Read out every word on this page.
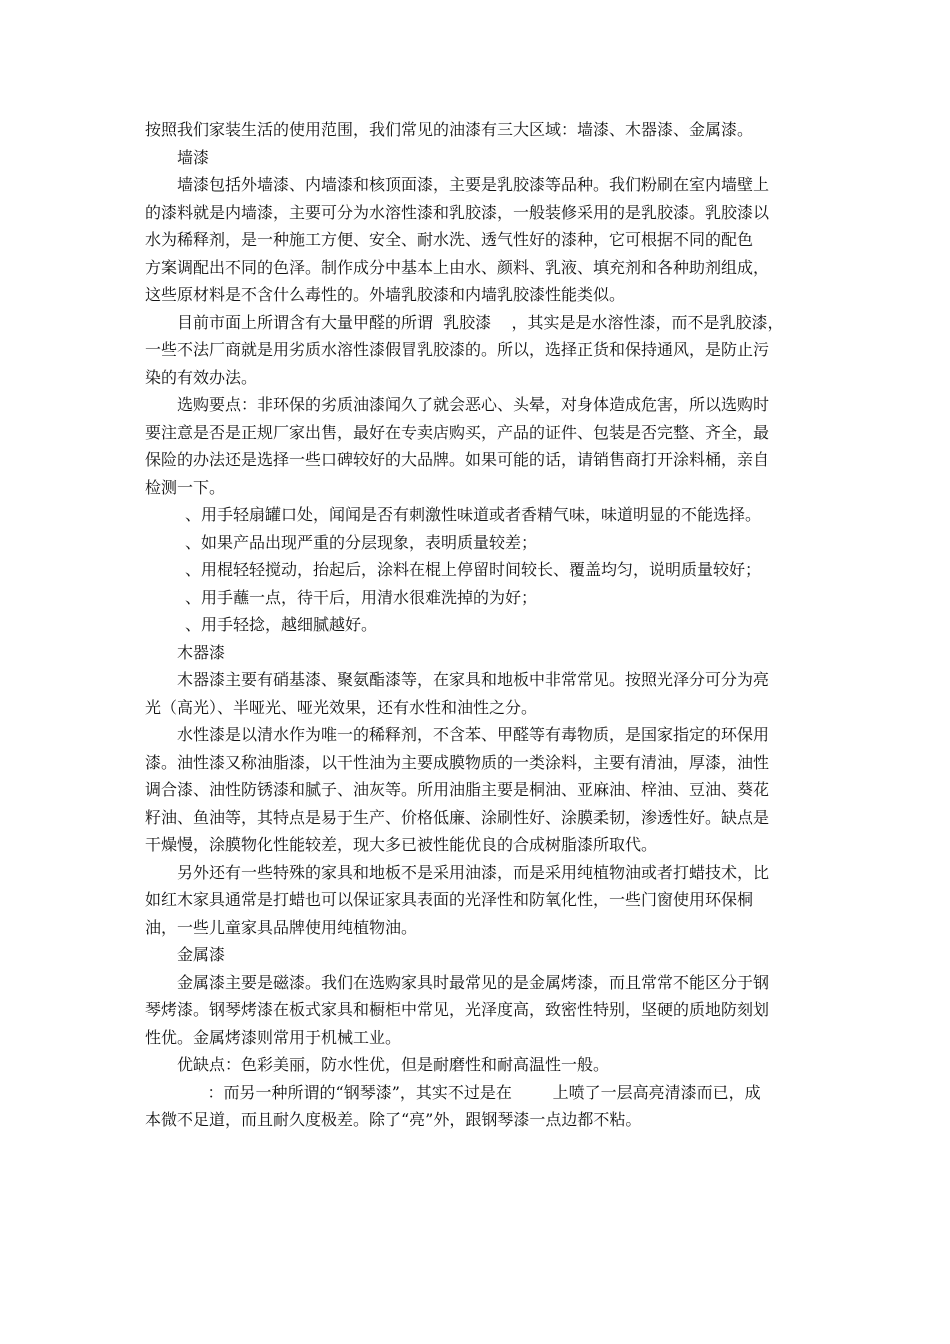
按照我们家装生活的使用范围，我们常见的油漆有三大区域：墙漆、木器漆、金属漆。
墙漆
墙漆包括外墙漆、内墙漆和核顶面漆，主要是乳胶漆等品种。我们粉刷在室内墙壁上
的漆料就是内墙漆，主要可分为水溶性漆和乳胶漆，一般装修采用的是乳胶漆。乳胶漆以
水为稀释剂，是一种施工方便、安全、耐水洗、透气性好的漆种，它可根据不同的配色
方案调配出不同的色泽。制作成分中基本上由水、颜料、乳液、填充剂和各种助剂组成，
这些原材料是不含什么毒性的。外墙乳胶漆和内墙乳胶漆性能类似。
目前市面上所谓含有大量甲醛的所谓  乳胶漆    ，其实是是水溶性漆，而不是乳胶漆，
一些不法厂商就是用劣质水溶性漆假冒乳胶漆的。所以，选择正货和保持通风，是防止污
染的有效办法。
选购要点：非环保的劣质油漆闻久了就会恶心、头晕，对身体造成危害，所以选购时
要注意是否是正规厂家出售，最好在专卖店购买，产品的证件、包装是否完整、齐全，最
保险的办法还是选择一些口碑较好的大品牌。如果可能的话，请销售商打开涂料桶，亲自
检测一下。
、用手轻扇罐口处，闻闻是否有刺激性味道或者香精气味，味道明显的不能选择。
、如果产品出现严重的分层现象，表明质量较差；
、用棍轻轻搅动，抬起后，涂料在棍上停留时间较长、覆盖均匀，说明质量较好；
、用手蘸一点，待干后，用清水很难洗掉的为好；
、用手轻捻，越细腻越好。
木器漆
木器漆主要有硝基漆、聚氨酯漆等，在家具和地板中非常常见。按照光泽分可分为亮
光（高光）、半哑光、哑光效果，还有水性和油性之分。
水性漆是以清水作为唯一的稀释剂，不含苯、甲醛等有毒物质，是国家指定的环保用
漆。油性漆又称油脂漆，以干性油为主要成膜物质的一类涂料，主要有清油，厚漆，油性
调合漆、油性防锈漆和腻子、油灰等。所用油脂主要是桐油、亚麻油、梓油、豆油、葵花
籽油、鱼油等，其特点是易于生产、价格低廉、涂刷性好、涂膜柔韧，渗透性好。缺点是
干燥慢，涂膜物化性能较差，现大多已被性能优良的合成树脂漆所取代。
另外还有一些特殊的家具和地板不是采用油漆，而是采用纯植物油或者打蜡技术，比
如红木家具通常是打蜡也可以保证家具表面的光泽性和防氧化性，一些门窗使用环保桐
油，一些儿童家具品牌使用纯植物油。
金属漆
金属漆主要是磁漆。我们在选购家具时最常见的是金属烤漆，而且常常不能区分于钢
琴烤漆。钢琴烤漆在板式家具和橱柜中常见，光泽度高，致密性特别，坚硬的质地防刻划
性优。金属烤漆则常用于机械工业。
优缺点：色彩美丽，防水性优，但是耐磨性和耐高温性一般。
：而另一种所谓的“钢琴漆”，其实不过是在        上喷了一层高亮清漆而已，成
本微不足道，而且耐久度极差。除了“亮”外，跟钢琴漆一点边都不粘。
